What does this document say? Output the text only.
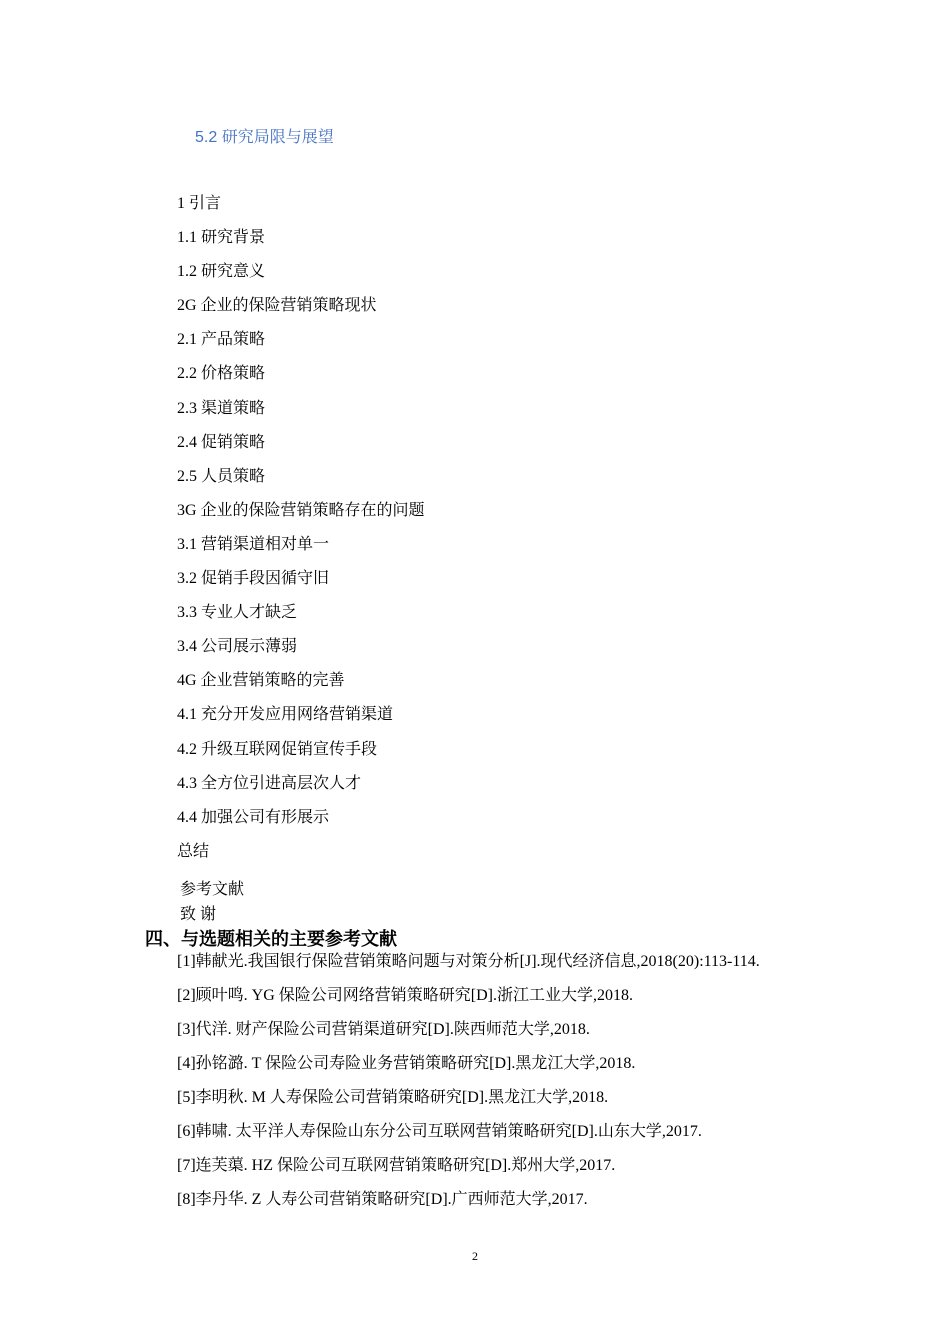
5.2 研究局限与展望
1 引言
1.1 研究背景
1.2 研究意义
2G 企业的保险营销策略现状
2.1 产品策略
2.2 价格策略
2.3 渠道策略
2.4 促销策略
2.5 人员策略
3G 企业的保险营销策略存在的问题
3.1 营销渠道相对单一
3.2 促销手段因循守旧
3.3 专业人才缺乏
3.4 公司展示薄弱
4G 企业营销策略的完善
4.1 充分开发应用网络营销渠道
4.2 升级互联网促销宣传手段
4.3 全方位引进高层次人才
4.4 加强公司有形展示
总结
参考文献
致 谢
四、与选题相关的主要参考文献
[1]韩献光.我国银行保险营销策略问题与对策分析[J].现代经济信息,2018(20):113-114.
[2]顾叶鸣. YG 保险公司网络营销策略研究[D].浙江工业大学,2018.
[3]代洋. 财产保险公司营销渠道研究[D].陕西师范大学,2018.
[4]孙铭潞. T 保险公司寿险业务营销策略研究[D].黑龙江大学,2018.
[5]李明秋. M 人寿保险公司营销策略研究[D].黑龙江大学,2018.
[6]韩啸. 太平洋人寿保险山东分公司互联网营销策略研究[D].山东大学,2017.
[7]连芙蕖. HZ 保险公司互联网营销策略研究[D].郑州大学,2017.
[8]李丹华. Z 人寿公司营销策略研究[D].广西师范大学,2017.
2
